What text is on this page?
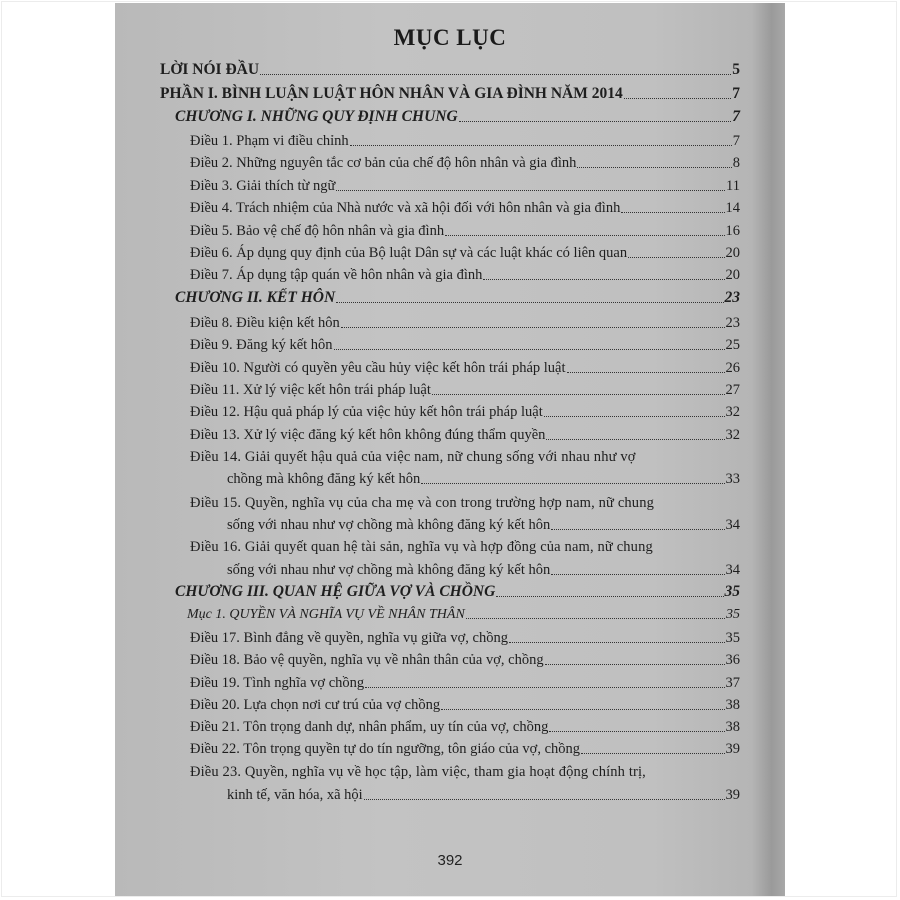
MỤC LỤC
LỜI NÓI ĐẦU	5
PHẦN I. BÌNH LUẬN LUẬT HÔN NHÂN VÀ GIA ĐÌNH NĂM 2014	7
CHƯƠNG I. NHỮNG QUY ĐỊNH CHUNG	7
Điều 1. Phạm vi điều chỉnh	7
Điều 2. Những nguyên tắc cơ bản của chế độ hôn nhân và gia đình	8
Điều 3. Giải thích từ ngữ	11
Điều 4. Trách nhiệm của Nhà nước và xã hội đối với hôn nhân và gia đình	14
Điều 5. Bảo vệ chế độ hôn nhân và gia đình	16
Điều 6. Áp dụng quy định của Bộ luật Dân sự và các luật khác có liên quan	20
Điều 7. Áp dụng tập quán về hôn nhân và gia đình	20
CHƯƠNG II. KẾT HÔN	23
Điều 8. Điều kiện kết hôn	23
Điều 9. Đăng ký kết hôn	25
Điều 10. Người có quyền yêu cầu hủy việc kết hôn trái pháp luật	26
Điều 11. Xử lý việc kết hôn trái pháp luật	27
Điều 12. Hậu quả pháp lý của việc hủy kết hôn trái pháp luật	32
Điều 13. Xử lý việc đăng ký kết hôn không đúng thẩm quyền	32
Điều 14. Giải quyết hậu quả của việc nam, nữ chung sống với nhau như vợ
chồng mà không đăng ký kết hôn	33
Điều 15. Quyền, nghĩa vụ của cha mẹ và con trong trường hợp nam, nữ chung
sống với nhau như vợ chồng mà không đăng ký kết hôn	34
Điều 16. Giải quyết quan hệ tài sản, nghĩa vụ và hợp đồng của nam, nữ chung
sống với nhau như vợ chồng mà không đăng ký kết hôn	34
CHƯƠNG III. QUAN HỆ GIỮA VỢ VÀ CHỒNG	35
Mục 1. QUYỀN VÀ NGHĨA VỤ VỀ NHÂN THÂN	35
Điều 17. Bình đẳng về quyền, nghĩa vụ giữa vợ, chồng	35
Điều 18. Bảo vệ quyền, nghĩa vụ về nhân thân của vợ, chồng	36
Điều 19. Tình nghĩa vợ chồng	37
Điều 20. Lựa chọn nơi cư trú của vợ chồng	38
Điều 21. Tôn trọng danh dự, nhân phẩm, uy tín của vợ, chồng	38
Điều 22. Tôn trọng quyền tự do tín ngưỡng, tôn giáo của vợ, chồng	39
Điều 23. Quyền, nghĩa vụ về học tập, làm việc, tham gia hoạt động chính trị,
kinh tế, văn hóa, xã hội	39
392
